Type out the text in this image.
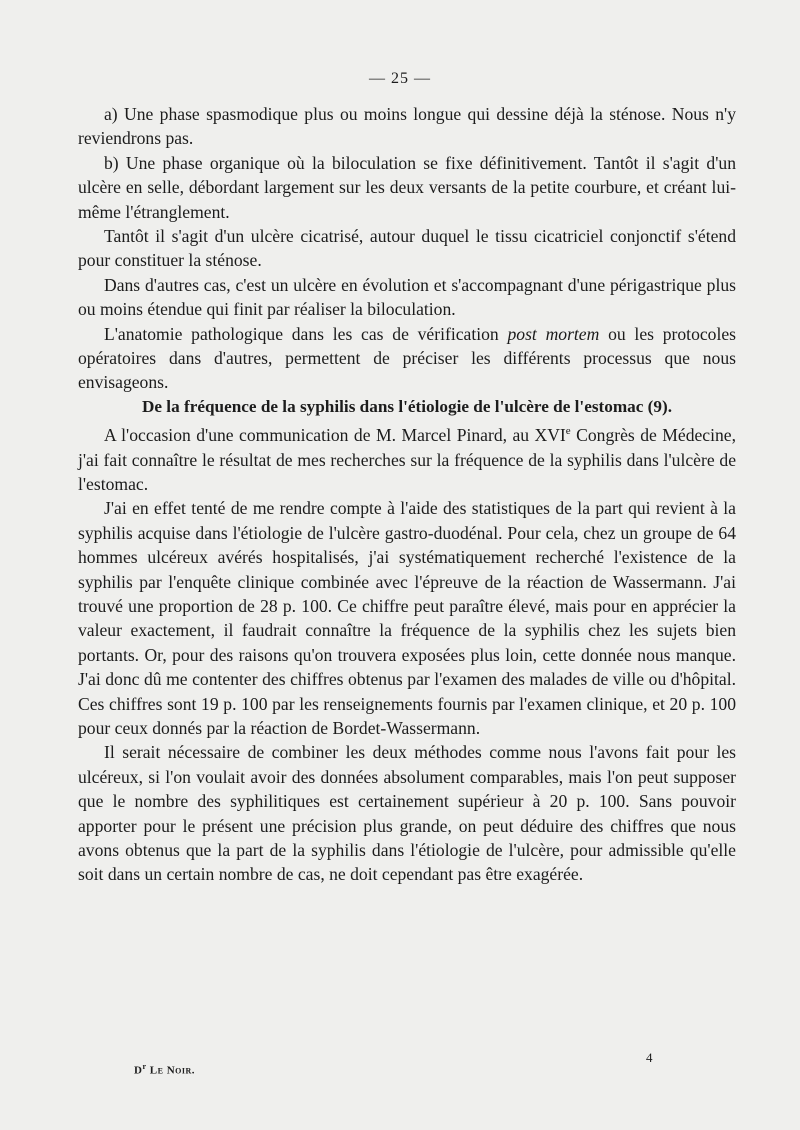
— 25 —

a) Une phase spasmodique plus ou moins longue qui dessine déjà la sténose. Nous n'y reviendrons pas.

b) Une phase organique où la biloculation se fixe définitivement. Tantôt il s'agit d'un ulcère en selle, débordant largement sur les deux versants de la petite courbure, et créant lui-même l'étranglement.

Tantôt il s'agit d'un ulcère cicatrisé, autour duquel le tissu cicatriciel conjonctif s'étend pour constituer la sténose.

Dans d'autres cas, c'est un ulcère en évolution et s'accompagnant d'une périgastrique plus ou moins étendue qui finit par réaliser la biloculation.

L'anatomie pathologique dans les cas de vérification post mortem ou les protocoles opératoires dans d'autres, permettent de préciser les différents processus que nous envisageons.

De la fréquence de la syphilis dans l'étiologie de l'ulcère de l'estomac (9).

A l'occasion d'une communication de M. Marcel Pinard, au XVIe Congrès de Médecine, j'ai fait connaître le résultat de mes recherches sur la fréquence de la syphilis dans l'ulcère de l'estomac.

J'ai en effet tenté de me rendre compte à l'aide des statistiques de la part qui revient à la syphilis acquise dans l'étiologie de l'ulcère gastro-duodénal. Pour cela, chez un groupe de 64 hommes ulcéreux avérés hospitalisés, j'ai systématiquement recherché l'existence de la syphilis par l'enquête clinique combinée avec l'épreuve de la réaction de Wassermann. J'ai trouvé une proportion de 28 p. 100. Ce chiffre peut paraître élevé, mais pour en apprécier la valeur exactement, il faudrait connaître la fréquence de la syphilis chez les sujets bien portants. Or, pour des raisons qu'on trouvera exposées plus loin, cette donnée nous manque. J'ai donc dû me contenter des chiffres obtenus par l'examen des malades de ville ou d'hôpital. Ces chiffres sont 19 p. 100 par les renseignements fournis par l'examen clinique, et 20 p. 100 pour ceux donnés par la réaction de Bordet-Wassermann.

Il serait nécessaire de combiner les deux méthodes comme nous l'avons fait pour les ulcéreux, si l'on voulait avoir des données absolument comparables, mais l'on peut supposer que le nombre des syphilitiques est certainement supérieur à 20 p. 100. Sans pouvoir apporter pour le présent une précision plus grande, on peut déduire des chiffres que nous avons obtenus que la part de la syphilis dans l'étiologie de l'ulcère, pour admissible qu'elle soit dans un certain nombre de cas, ne doit cependant pas être exagérée.

$D^r$ Le Noir.
4
